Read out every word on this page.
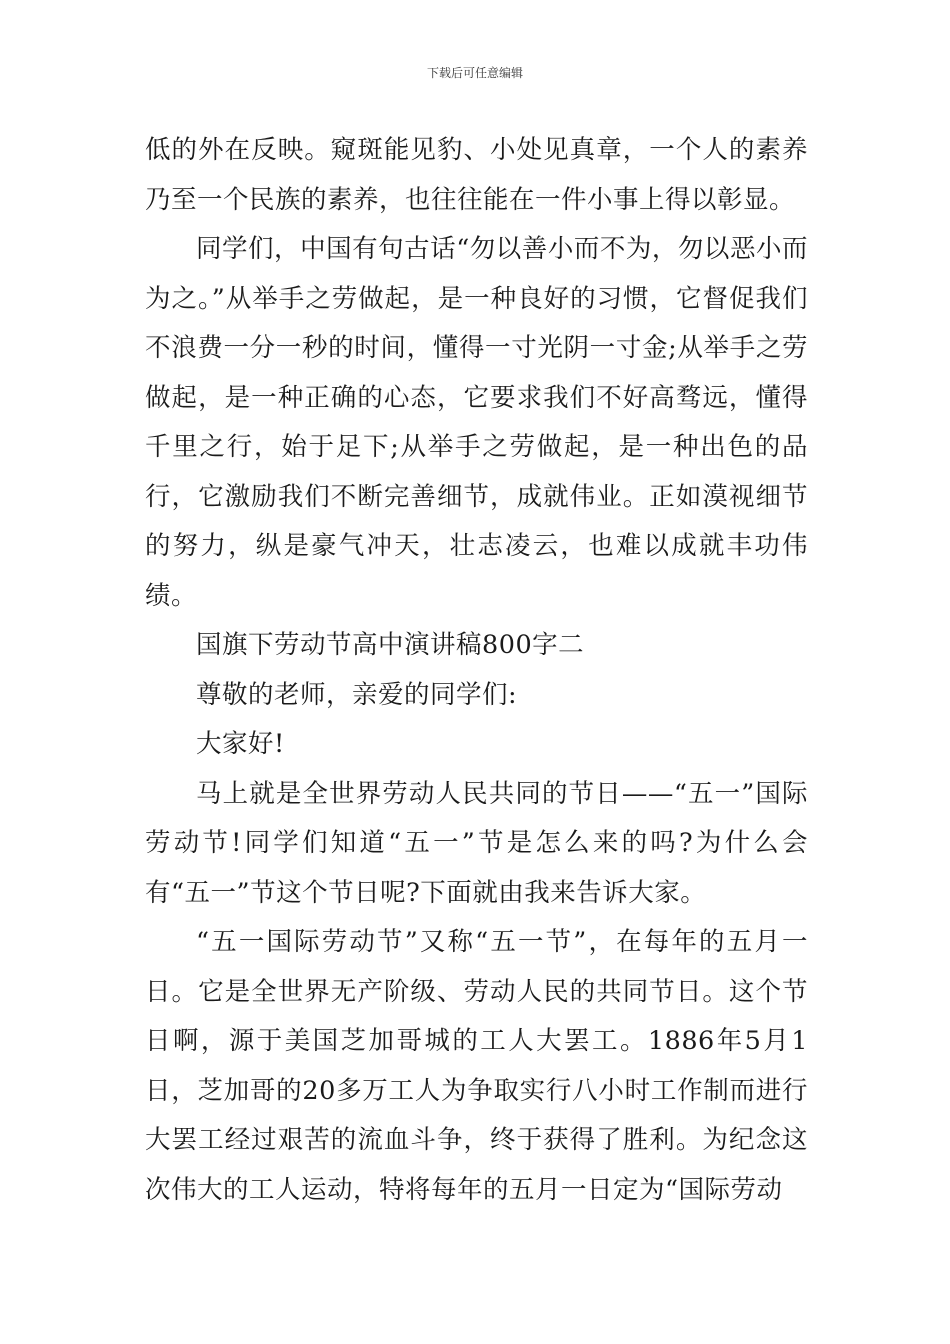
下载后可任意编辑

低的外在反映。窥斑能见豹、小处见真章，一个人的素养乃至一个民族的素养，也往往能在一件小事上得以彰显。

同学们，中国有句古话“勿以善小而不为，勿以恶小而为之。”从举手之劳做起，是一种良好的习惯，它督促我们不浪费一分一秒的时间，懂得一寸光阴一寸金;从举手之劳做起，是一种正确的心态，它要求我们不好高骛远，懂得千里之行，始于足下;从举手之劳做起，是一种出色的品行，它激励我们不断完善细节，成就伟业。正如漠视细节的努力，纵是豪气冲天，壮志凌云，也难以成就丰功伟绩。

国旗下劳动节高中演讲稿800字二

尊敬的老师，亲爱的同学们:

大家好!

马上就是全世界劳动人民共同的节日——“五一”国际劳动节!同学们知道“五一”节是怎么来的吗?为什么会有“五一”节这个节日呢?下面就由我来告诉大家。

“五一国际劳动节”又称“五一节”，在每年的五月一日。它是全世界无产阶级、劳动人民的共同节日。这个节日啊，源于美国芝加哥城的工人大罢工。1886年5月1日，芝加哥的20多万工人为争取实行八小时工作制而进行大罢工经过艰苦的流血斗争，终于获得了胜利。为纪念这次伟大的工人运动，特将每年的五月一日定为“国际劳动
